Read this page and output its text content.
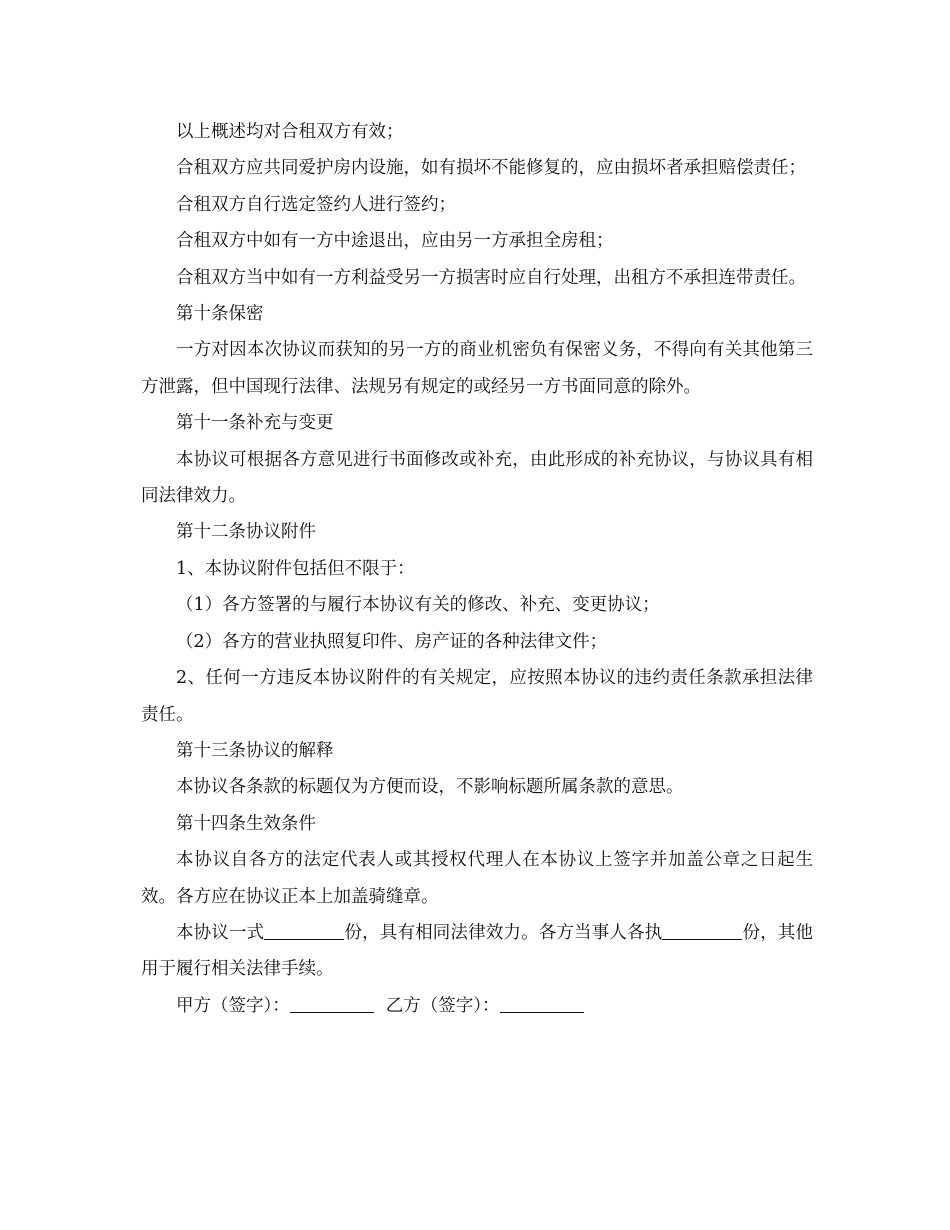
以上概述均对合租双方有效；

合租双方应共同爱护房内设施，如有损坏不能修复的，应由损坏者承担赔偿责任；

合租双方自行选定签约人进行签约；

合租双方中如有一方中途退出，应由另一方承担全房租；

合租双方当中如有一方利益受另一方损害时应自行处理，出租方不承担连带责任。

第十条保密

一方对因本次协议而获知的另一方的商业机密负有保密义务，不得向有关其他第三方泄露，但中国现行法律、法规另有规定的或经另一方书面同意的除外。

第十一条补充与变更

本协议可根据各方意见进行书面修改或补充，由此形成的补充协议，与协议具有相同法律效力。

第十二条协议附件

1、本协议附件包括但不限于：

（1）各方签署的与履行本协议有关的修改、补充、变更协议；

（2）各方的营业执照复印件、房产证的各种法律文件；

2、任何一方违反本协议附件的有关规定，应按照本协议的违约责任条款承担法律责任。

第十三条协议的解释

本协议各条款的标题仅为方便而设，不影响标题所属条款的意思。

第十四条生效条件

本协议自各方的法定代表人或其授权代理人在本协议上签字并加盖公章之日起生效。各方应在协议正本上加盖骑缝章。

本协议一式	份，具有相同法律效力。各方当事人各执	份，其他用于履行相关法律手续。

甲方（签字）：	乙方（签字）：
